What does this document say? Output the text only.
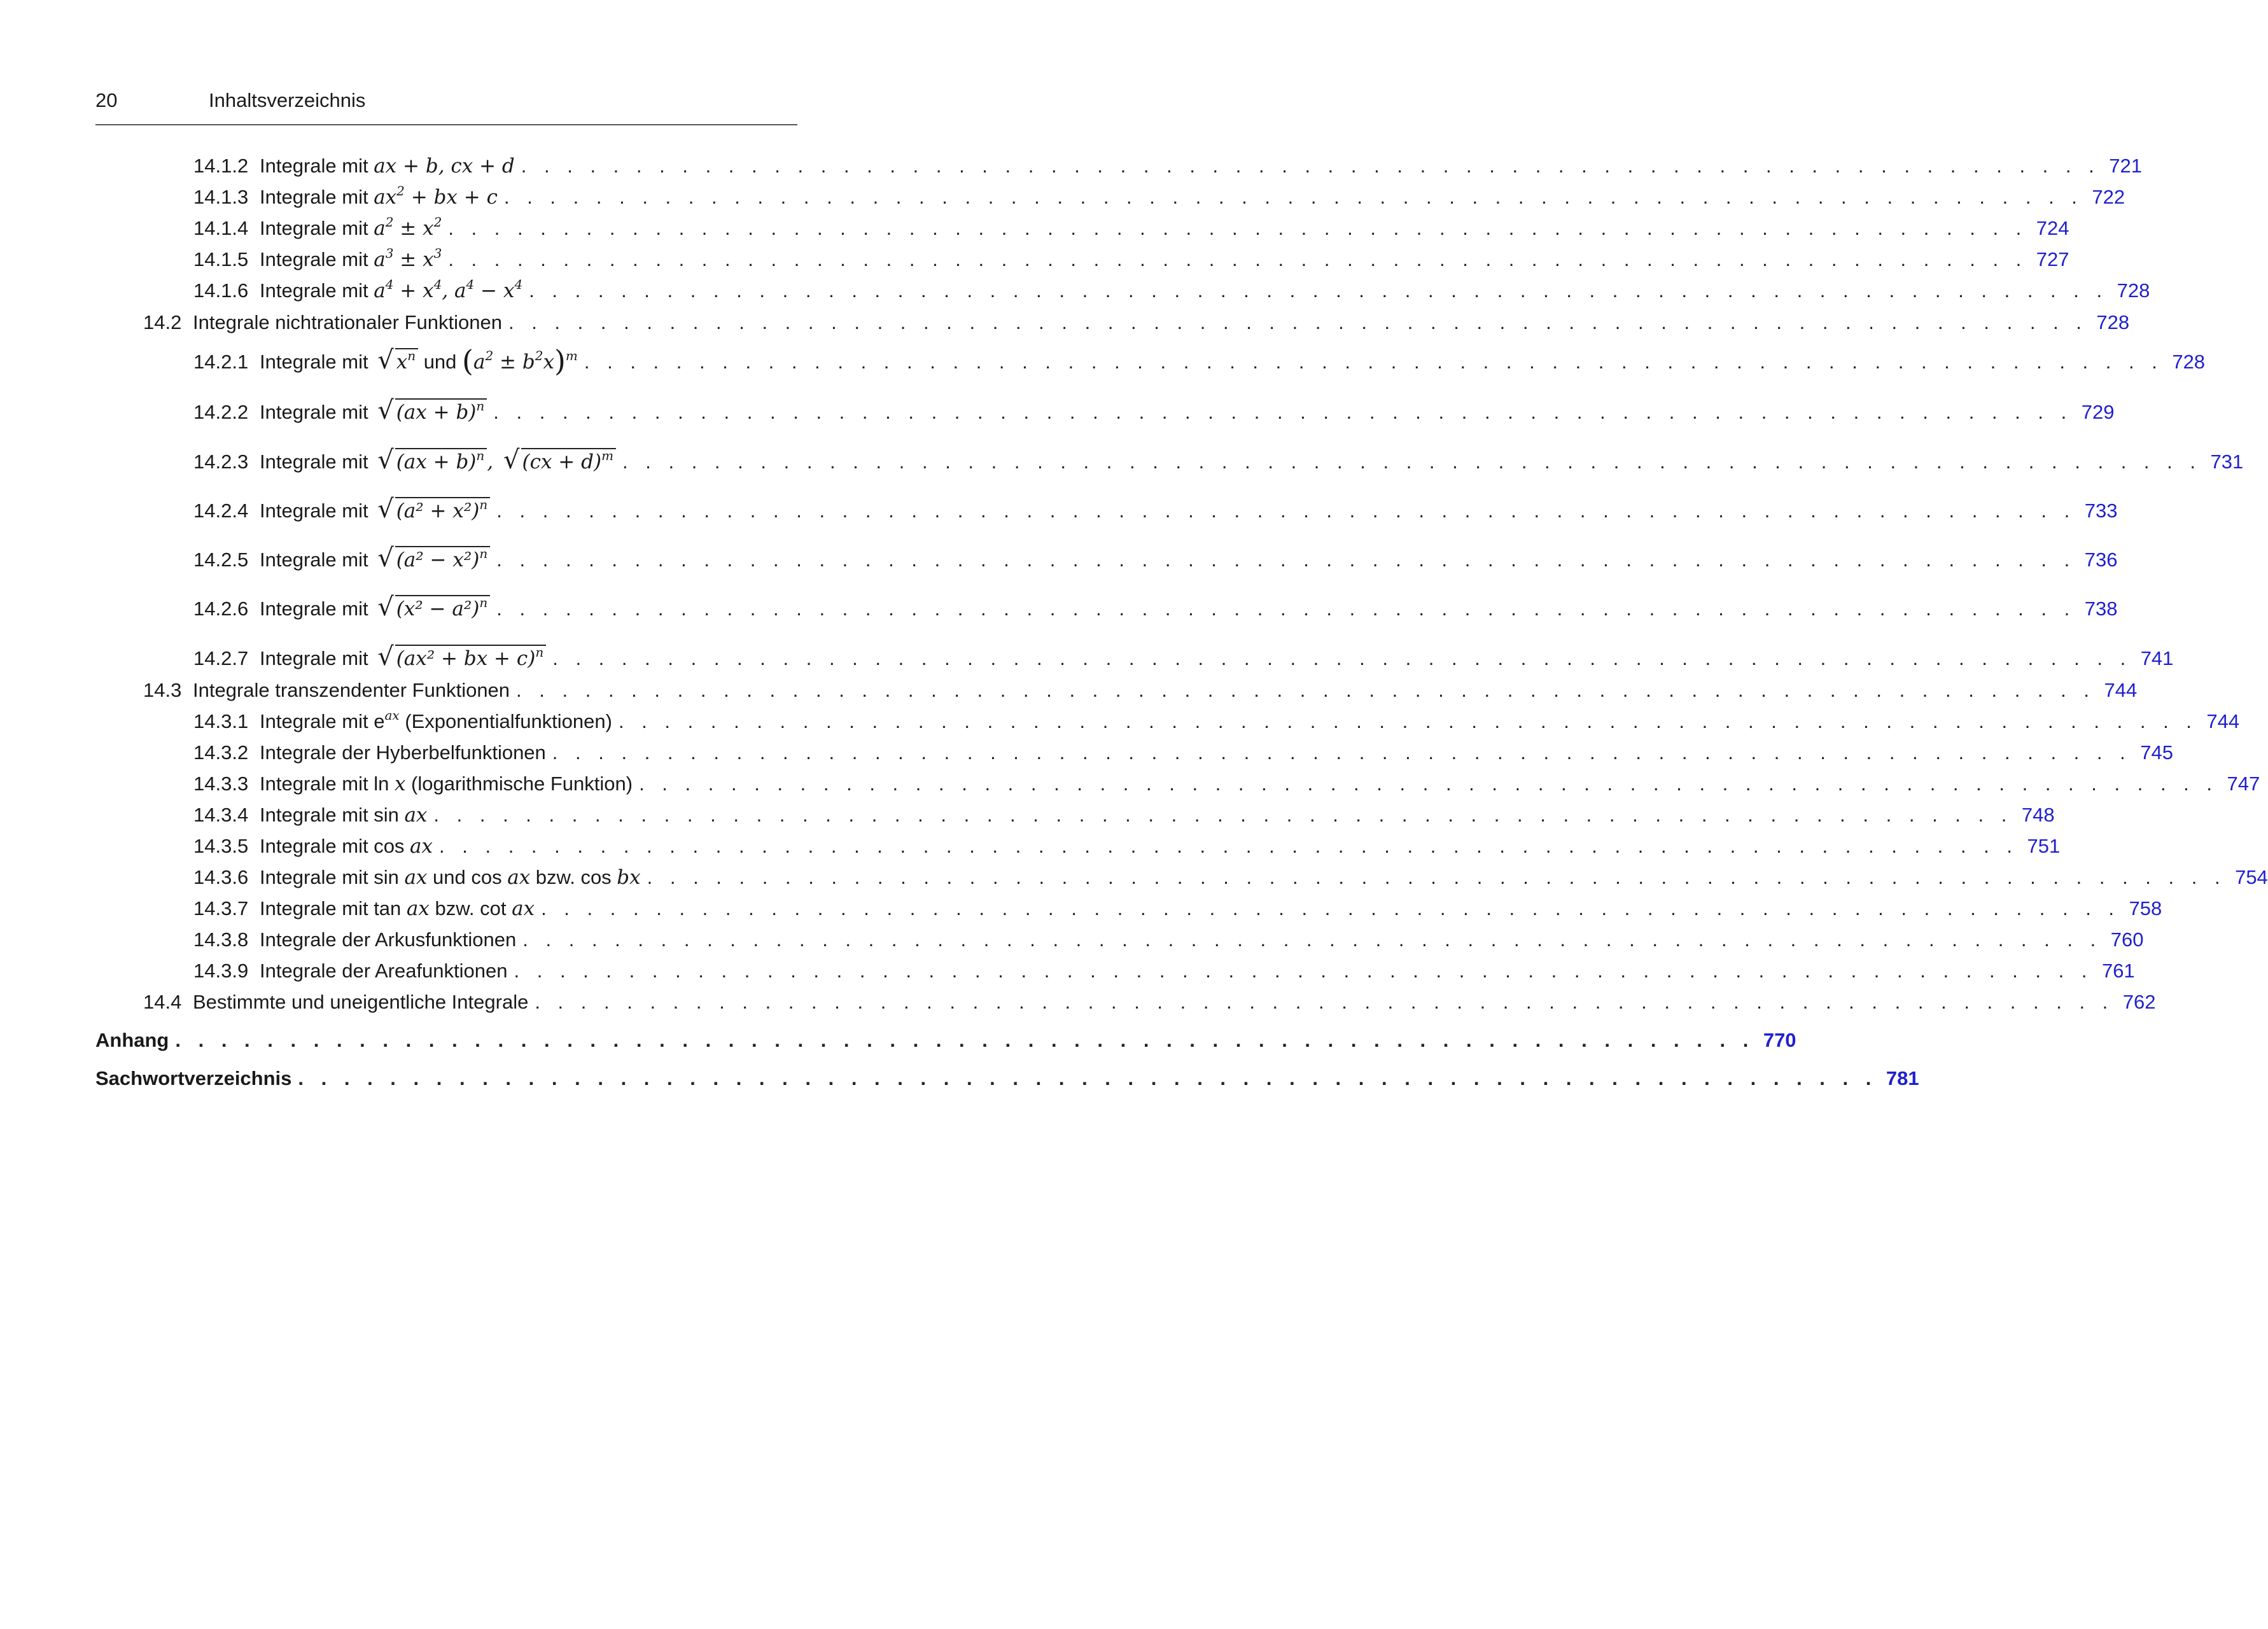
20	Inhaltsverzeichnis
14.1.2 Integrale mit ax + b, cx + d . . . . . . . . . . . . . . . . . . . . . . . . . . . . . . . . . . . . . . . . . . . . . . . . . . . . . . . . . . . . . . . . . . . . . 721
14.1.3 Integrale mit $ax^2$ + bx + c . . . . . . . . . . . . . . . . . . . . . . . . . . . . . . . . . . . . . . . . . . . . . . . . . . . . . . . . . . . . . . . . . . . . . 722
14.1.4 Integrale mit $a^2 \pm x^2$ . . . . . . . . . . . . . . . . . . . . . . . . . . . . . . . . . . . . . . . . . . . . . . . . . . . . . . . . . . . . . . . . . . . . . 724
14.1.5 Integrale mit $a^3 \pm x^3$ . . . . . . . . . . . . . . . . . . . . . . . . . . . . . . . . . . . . . . . . . . . . . . . . . . . . . . . . . . . . . . . . . . . . . 727
14.1.6 Integrale mit $a^4 + x^4$, $a^4 - x^4$ . . . . . . . . . . . . . . . . . . . . . . . . . . . . . . . . . . . . . . . . . . . . . . . . . . . . . . . . . . . . . . . . . . . . . 728
14.2 Integrale nichtrationaler Funktionen . . . . . . . . . . . . . . . . . . . . . . . . . . . . . . . . . . . . . . . . . . . . . . . . . . . . . . . . . . . . . . . . . . . . . 728
14.2.1 Integrale mit √ $x^n$ und $(a^2 \pm b^2x)^m$ . . . . . . . . . . . . . . . . . . . . . . . . . . . . . . . . . . . . . . . . . . . . . . . . . . . . . . . . . . . . . . . . . . . . . 728
14.2.2 Integrale mit √ (ax + b)$^n$ . . . . . . . . . . . . . . . . . . . . . . . . . . . . . . . . . . . . . . . . . . . . . . . . . . . . . . . . . . . . . . . . . . . . . 729
14.2.3 Integrale mit √ (ax + b)$^n$ , √ (cx + d)$^m$ . . . . . . . . . . . . . . . . . . . . . . . . . . . . . . . . . . . . . . . . . . . . . . . . . . . . . . . . . . . . . . . . . . . . . 731
14.2.4 Integrale mit √ $(a^2 + x^2)^n$ . . . . . . . . . . . . . . . . . . . . . . . . . . . . . . . . . . . . . . . . . . . . . . . . . . . . . . . . . . . . . . . . . . . . . 733
14.2.5 Integrale mit √ $(a^2 - x^2)^n$ . . . . . . . . . . . . . . . . . . . . . . . . . . . . . . . . . . . . . . . . . . . . . . . . . . . . . . . . . . . . . . . . . . . . . 736
14.2.6 Integrale mit √ $(x^2 - a^2)^n$ . . . . . . . . . . . . . . . . . . . . . . . . . . . . . . . . . . . . . . . . . . . . . . . . . . . . . . . . . . . . . . . . . . . . . 738
14.2.7 Integrale mit √ (ax² + bx + c)$^n$ . . . . . . . . . . . . . . . . . . . . . . . . . . . . . . . . . . . . . . . . . . . . . . . . . . . . . . . . . . . . . . . . . . . . . 741
14.3 Integrale transzendenter Funktionen . . . . . . . . . . . . . . . . . . . . . . . . . . . . . . . . . . . . . . . . . . . . . . . . . . . . . . . . . . . . . . . . . . . . . 744
14.3.1 Integrale mit $e^{ax}$ (Exponentialfunktionen) . . . . . . . . . . . . . . . . . . . . . . . . . . . . . . . . . . . . . . . . . . . . . . . . . . . . . . . . . . . . . . . . . . . . . 744
14.3.2 Integrale der Hyberbelfunktionen . . . . . . . . . . . . . . . . . . . . . . . . . . . . . . . . . . . . . . . . . . . . . . . . . . . . . . . . . . . . . . . . . . . . . 745
14.3.3 Integrale mit ln x (logarithmische Funktion) . . . . . . . . . . . . . . . . . . . . . . . . . . . . . . . . . . . . . . . . . . . . . . . . . . . . . . . . . . . . . . . . . . . . . 747
14.3.4 Integrale mit sin ax . . . . . . . . . . . . . . . . . . . . . . . . . . . . . . . . . . . . . . . . . . . . . . . . . . . . . . . . . . . . . . . . . . . . . 748
14.3.5 Integrale mit cos ax . . . . . . . . . . . . . . . . . . . . . . . . . . . . . . . . . . . . . . . . . . . . . . . . . . . . . . . . . . . . . . . . . . . . . 751
14.3.6 Integrale mit sin ax und cos ax bzw. cos bx . . . . . . . . . . . . . . . . . . . . . . . . . . . . . . . . . . . . . . . . . . . . . . . . . . . . . . . . . . . . . . . . . . . . . 754
14.3.7 Integrale mit tan ax bzw. cot ax . . . . . . . . . . . . . . . . . . . . . . . . . . . . . . . . . . . . . . . . . . . . . . . . . . . . . . . . . . . . . . . . . . . . . 758
14.3.8 Integrale der Arkusfunktionen . . . . . . . . . . . . . . . . . . . . . . . . . . . . . . . . . . . . . . . . . . . . . . . . . . . . . . . . . . . . . . . . . . . . . 760
14.3.9 Integrale der Areafunktionen . . . . . . . . . . . . . . . . . . . . . . . . . . . . . . . . . . . . . . . . . . . . . . . . . . . . . . . . . . . . . . . . . . . . . 761
14.4 Bestimmte und uneigentliche Integrale . . . . . . . . . . . . . . . . . . . . . . . . . . . . . . . . . . . . . . . . . . . . . . . . . . . . . . . . . . . . . . . . . . . . . 762
Anhang . . . . . . . . . . . . . . . . . . . . . . . . . . . . . . . . . . . . . . . . . . . . . . . . . . . . . . . . . . . . . . . . . . . . . 770
Sachwortverzeichnis . . . . . . . . . . . . . . . . . . . . . . . . . . . . . . . . . . . . . . . . . . . . . . . . . . . . . . . . . . . . . . . . . . . . . 781
